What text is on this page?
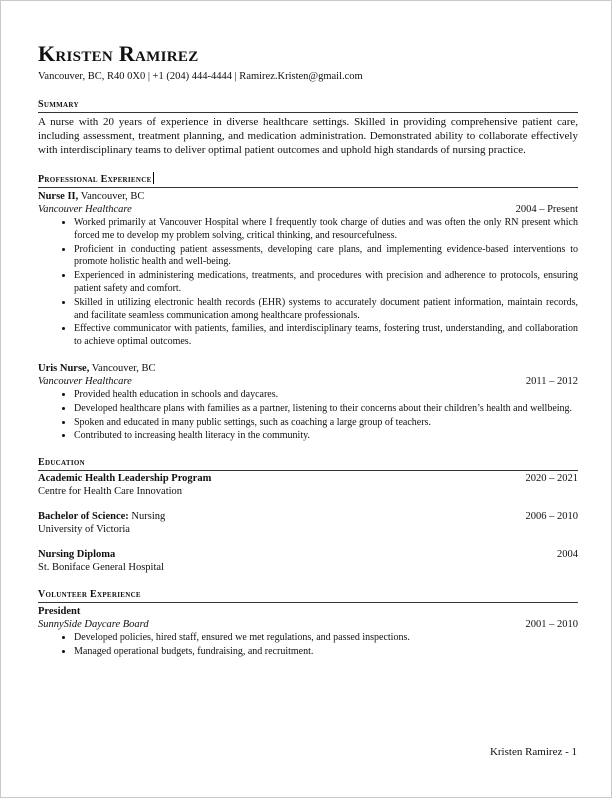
Kristen Ramirez
Vancouver, BC, R40 0X0 | +1 (204) 444-4444 | Ramirez.Kristen@gmail.com
Summary
A nurse with 20 years of experience in diverse healthcare settings. Skilled in providing comprehensive patient care, including assessment, treatment planning, and medication administration. Demonstrated ability to collaborate effectively with interdisciplinary teams to deliver optimal patient outcomes and uphold high standards of nursing practice.
Professional Experience
Nurse II, Vancouver, BC
Vancouver Healthcare	2004 – Present
• Worked primarily at Vancouver Hospital where I frequently took charge of duties and was often the only RN present which forced me to develop my problem solving, critical thinking, and resourcefulness.
• Proficient in conducting patient assessments, developing care plans, and implementing evidence-based interventions to promote holistic health and well-being.
• Experienced in administering medications, treatments, and procedures with precision and adherence to protocols, ensuring patient safety and comfort.
• Skilled in utilizing electronic health records (EHR) systems to accurately document patient information, maintain records, and facilitate seamless communication among healthcare professionals.
• Effective communicator with patients, families, and interdisciplinary teams, fostering trust, understanding, and collaboration to achieve optimal outcomes.
Uris Nurse, Vancouver, BC
Vancouver Healthcare	2011 – 2012
• Provided health education in schools and daycares.
• Developed healthcare plans with families as a partner, listening to their concerns about their children’s health and wellbeing.
• Spoken and educated in many public settings, such as coaching a large group of teachers.
• Contributed to increasing health literacy in the community.
Education
Academic Health Leadership Program	2020 – 2021
Centre for Health Care Innovation
Bachelor of Science: Nursing	2006 – 2010
University of Victoria
Nursing Diploma	2004
St. Boniface General Hospital
Volunteer Experience
President
SunnySide Daycare Board	2001 – 2010
• Developed policies, hired staff, ensured we met regulations, and passed inspections.
• Managed operational budgets, fundraising, and recruitment.
Kristen Ramirez - 1
